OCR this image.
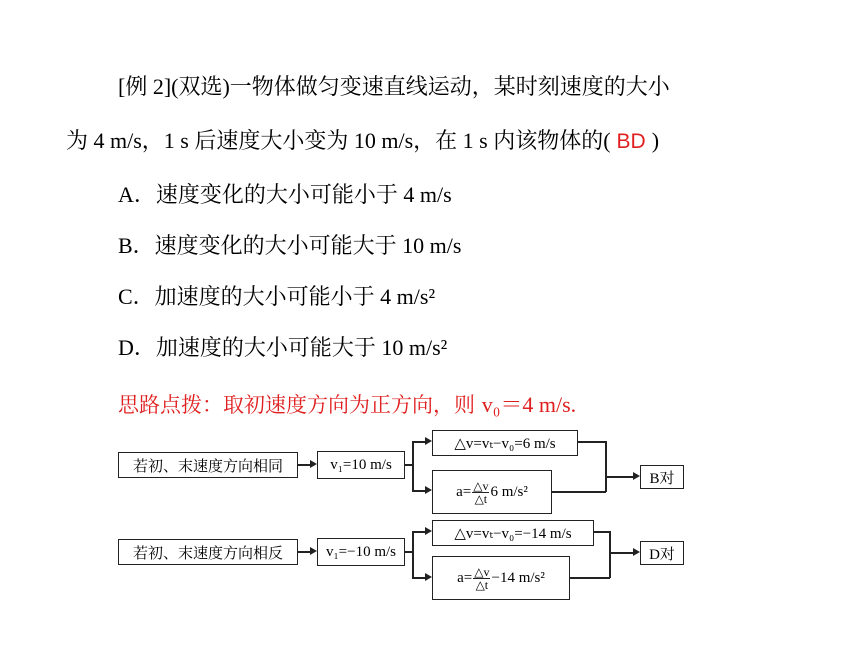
[例 2](双选)一物体做匀变速直线运动，某时刻速度的大小
为 4 m/s，1 s 后速度大小变为 10 m/s，在 1 s 内该物体的( BD )
A．速度变化的大小可能小于 4 m/s
B．速度变化的大小可能大于 10 m/s
C．加速度的大小可能小于 4 m/s²
D．加速度的大小可能大于 10 m/s²
思路点拨：取初速度方向为正方向，则 v₀＝4 m/s.
若初、末速度方向相同	v₁=10 m/s
△v=vₜ−v₀=6 m/s
$a= \frac{\triangle v}{\triangle t} 6$ m/s²
B对
若初、末速度方向相反	v₁=−10 m/s
△v=vₜ−v₀=−14 m/s
$a= \frac{\triangle v}{\triangle t} -14$ m/s²
D对
